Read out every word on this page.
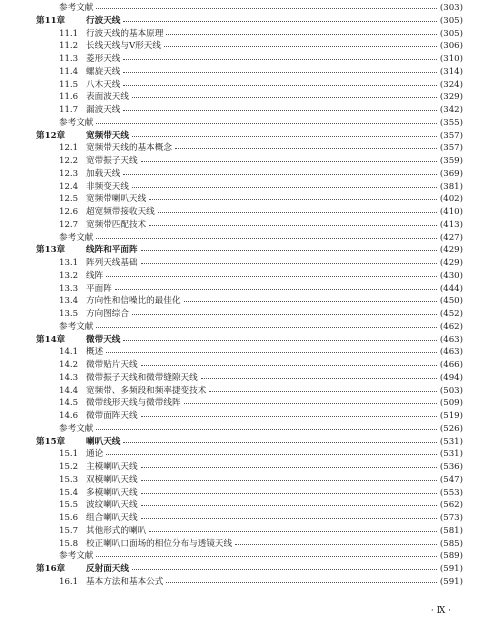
参考文献	(303)
第11章 行波天线	(305)
11.1 行波天线的基本原理	(305)
11.2 长线天线与V形天线	(306)
11.3 菱形天线	(310)
11.4 螺旋天线	(314)
11.5 八木天线	(324)
11.6 表面波天线	(329)
11.7 漏波天线	(342)
参考文献	(355)
第12章 宽频带天线	(357)
12.1 宽频带天线的基本概念	(357)
12.2 宽带振子天线	(359)
12.3 加载天线	(369)
12.4 非频变天线	(381)
12.5 宽频带喇叭天线	(402)
12.6 超宽频带接收天线	(410)
12.7 宽频带匹配技术	(413)
参考文献	(427)
第13章 线阵和平面阵	(429)
13.1 阵列天线基础	(429)
13.2 线阵	(430)
13.3 平面阵	(444)
13.4 方向性和信噪比的最佳化	(450)
13.5 方向图综合	(452)
参考文献	(462)
第14章 微带天线	(463)
14.1 概述	(463)
14.2 微带贴片天线	(466)
14.3 微带振子天线和微带缝隙天线	(494)
14.4 宽频带、多频段和频率捷变技术	(503)
14.5 微带线形天线与微带线阵	(509)
14.6 微带面阵天线	(519)
参考文献	(526)
第15章 喇叭天线	(531)
15.1 通论	(531)
15.2 主模喇叭天线	(536)
15.3 双模喇叭天线	(547)
15.4 多模喇叭天线	(553)
15.5 波纹喇叭天线	(562)
15.6 组合喇叭天线	(573)
15.7 其他形式的喇叭	(581)
15.8 校正喇叭口面场的相位分布与透镜天线	(585)
参考文献	(589)
第16章 反射面天线	(591)
16.1 基本方法和基本公式	(591)
· Ⅸ ·
